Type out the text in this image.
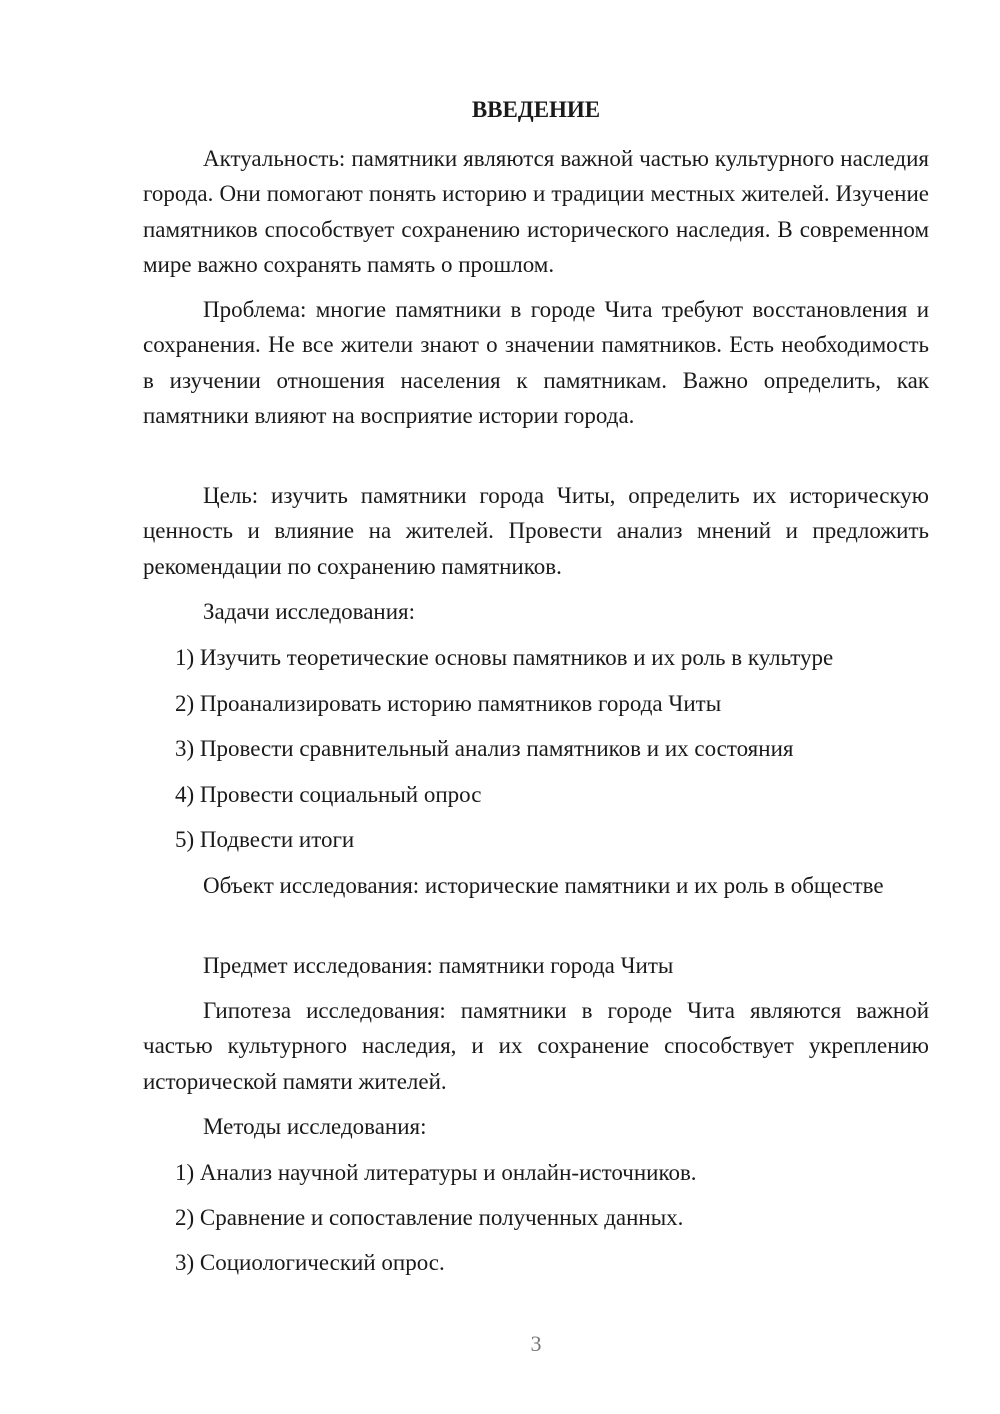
ВВЕДЕНИЕ

Актуальность: памятники являются важной частью культурного наследия города. Они помогают понять историю и традиции местных жителей. Изучение памятников способствует сохранению исторического наследия. В современном мире важно сохранять память о прошлом.

Проблема: многие памятники в городе Чита требуют восстановления и сохранения. Не все жители знают о значении памятников. Есть необходимость в изучении отношения населения к памятникам. Важно определить, как памятники влияют на восприятие истории города.

Цель: изучить памятники города Читы, определить их историческую ценность и влияние на жителей. Провести анализ мнений и предложить рекомендации по сохранению памятников.

Задачи исследования:

1) Изучить теоретические основы памятников и их роль в культуре
2) Проанализировать историю памятников города Читы
3) Провести сравнительный анализ памятников и их состояния
4) Провести социальный опрос
5) Подвести итоги

Объект исследования: исторические памятники и их роль в обществе

Предмет исследования: памятники города Читы

Гипотеза исследования: памятники в городе Чита являются важной частью культурного наследия, и их сохранение способствует укреплению исторической памяти жителей.

Методы исследования:

1) Анализ научной литературы и онлайн-источников.
2) Сравнение и сопоставление полученных данных.
3) Социологический опрос.
3
